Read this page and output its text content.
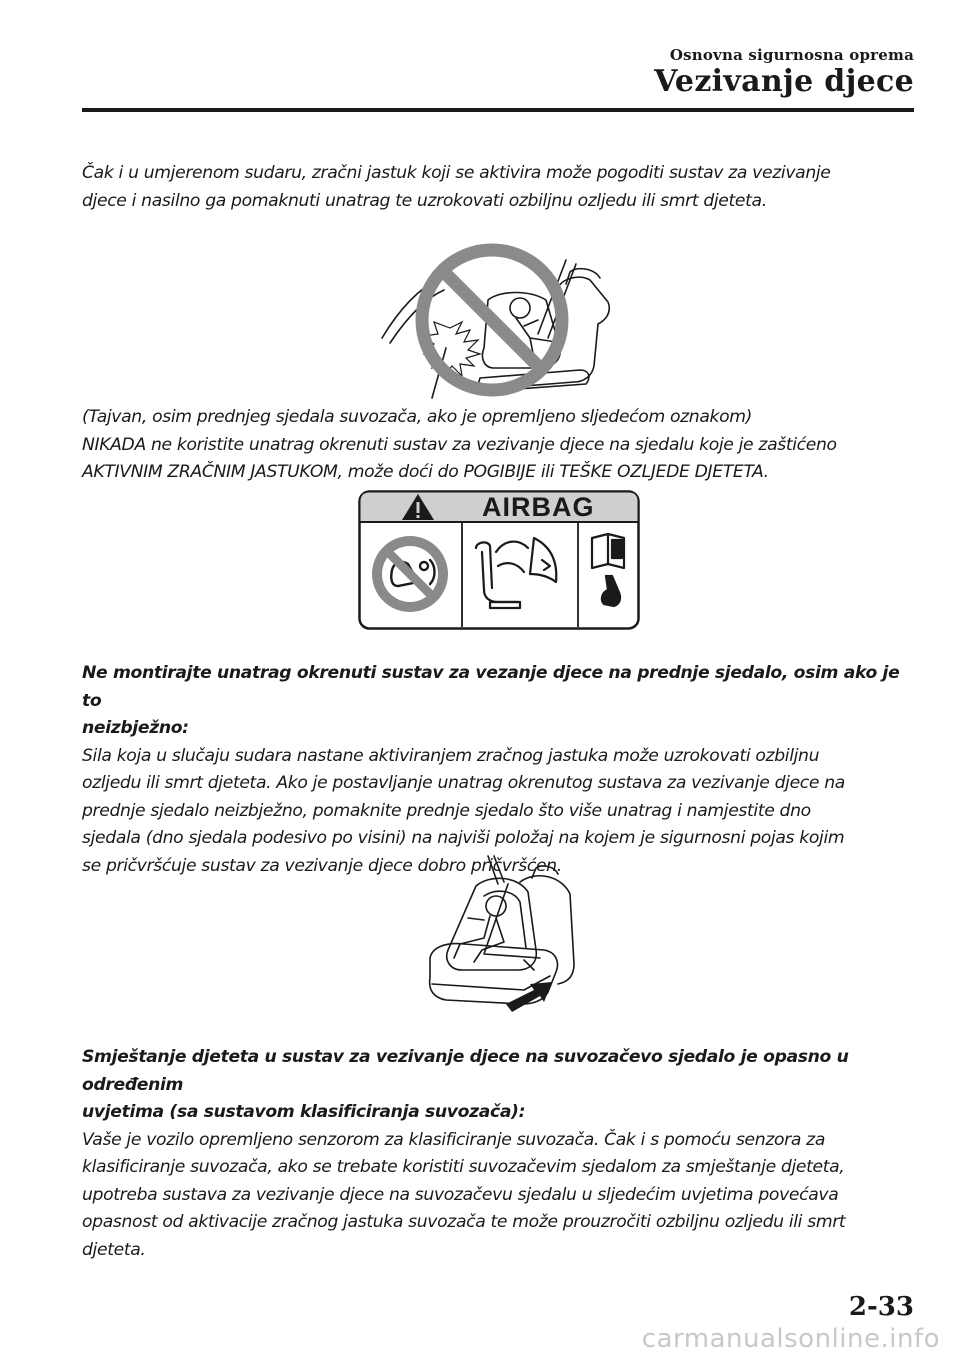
Osnovna sigurnosna oprema
Vezivanje djece

Čak i u umjerenom sudaru, zračni jastuk koji se aktivira može pogoditi sustav za vezivanje

djece i nasilno ga pomaknuti unatrag te uzrokovati ozbiljnu ozljedu ili smrt djeteta.

(Tajvan, osim prednjeg sjedala suvozača, ako je opremljeno sljedećom oznakom)

NIKADA ne koristite unatrag okrenuti sustav za vezivanje djece na sjedalu koje je zaštićeno

AKTIVNIM ZRAČNIM JASTUKOM, može doći do POGIBIJE ili TEŠKE OZLJEDE DJETETA.

AIRBAG

Ne montirajte unatrag okrenuti sustav za vezanje djece na prednje sjedalo, osim ako je to

neizbježno:

Sila koja u slučaju sudara nastane aktiviranjem zračnog jastuka može uzrokovati ozbiljnu

ozljedu ili smrt djeteta. Ako je postavljanje unatrag okrenutog sustava za vezivanje djece na

prednje sjedalo neizbježno, pomaknite prednje sjedalo što više unatrag i namjestite dno

sjedala (dno sjedala podesivo po visini) na najviši položaj na kojem je sigurnosni pojas kojim

se pričvršćuje sustav za vezivanje djece dobro pričvršćen.

Smještanje djeteta u sustav za vezivanje djece na suvozačevo sjedalo je opasno u određenim

uvjetima (sa sustavom klasificiranja suvozača):

Vaše je vozilo opremljeno senzorom za klasificiranje suvozača. Čak i s pomoću senzora za

klasificiranje suvozača, ako se trebate koristiti suvozačevim sjedalom za smještanje djeteta,

upotreba sustava za vezivanje djece na suvozačevu sjedalu u sljedećim uvjetima povećava

opasnost od aktivacije zračnog jastuka suvozača te može prouzročiti ozbiljnu ozljedu ili smrt

djeteta.

2-33
carmanualsonline.info
